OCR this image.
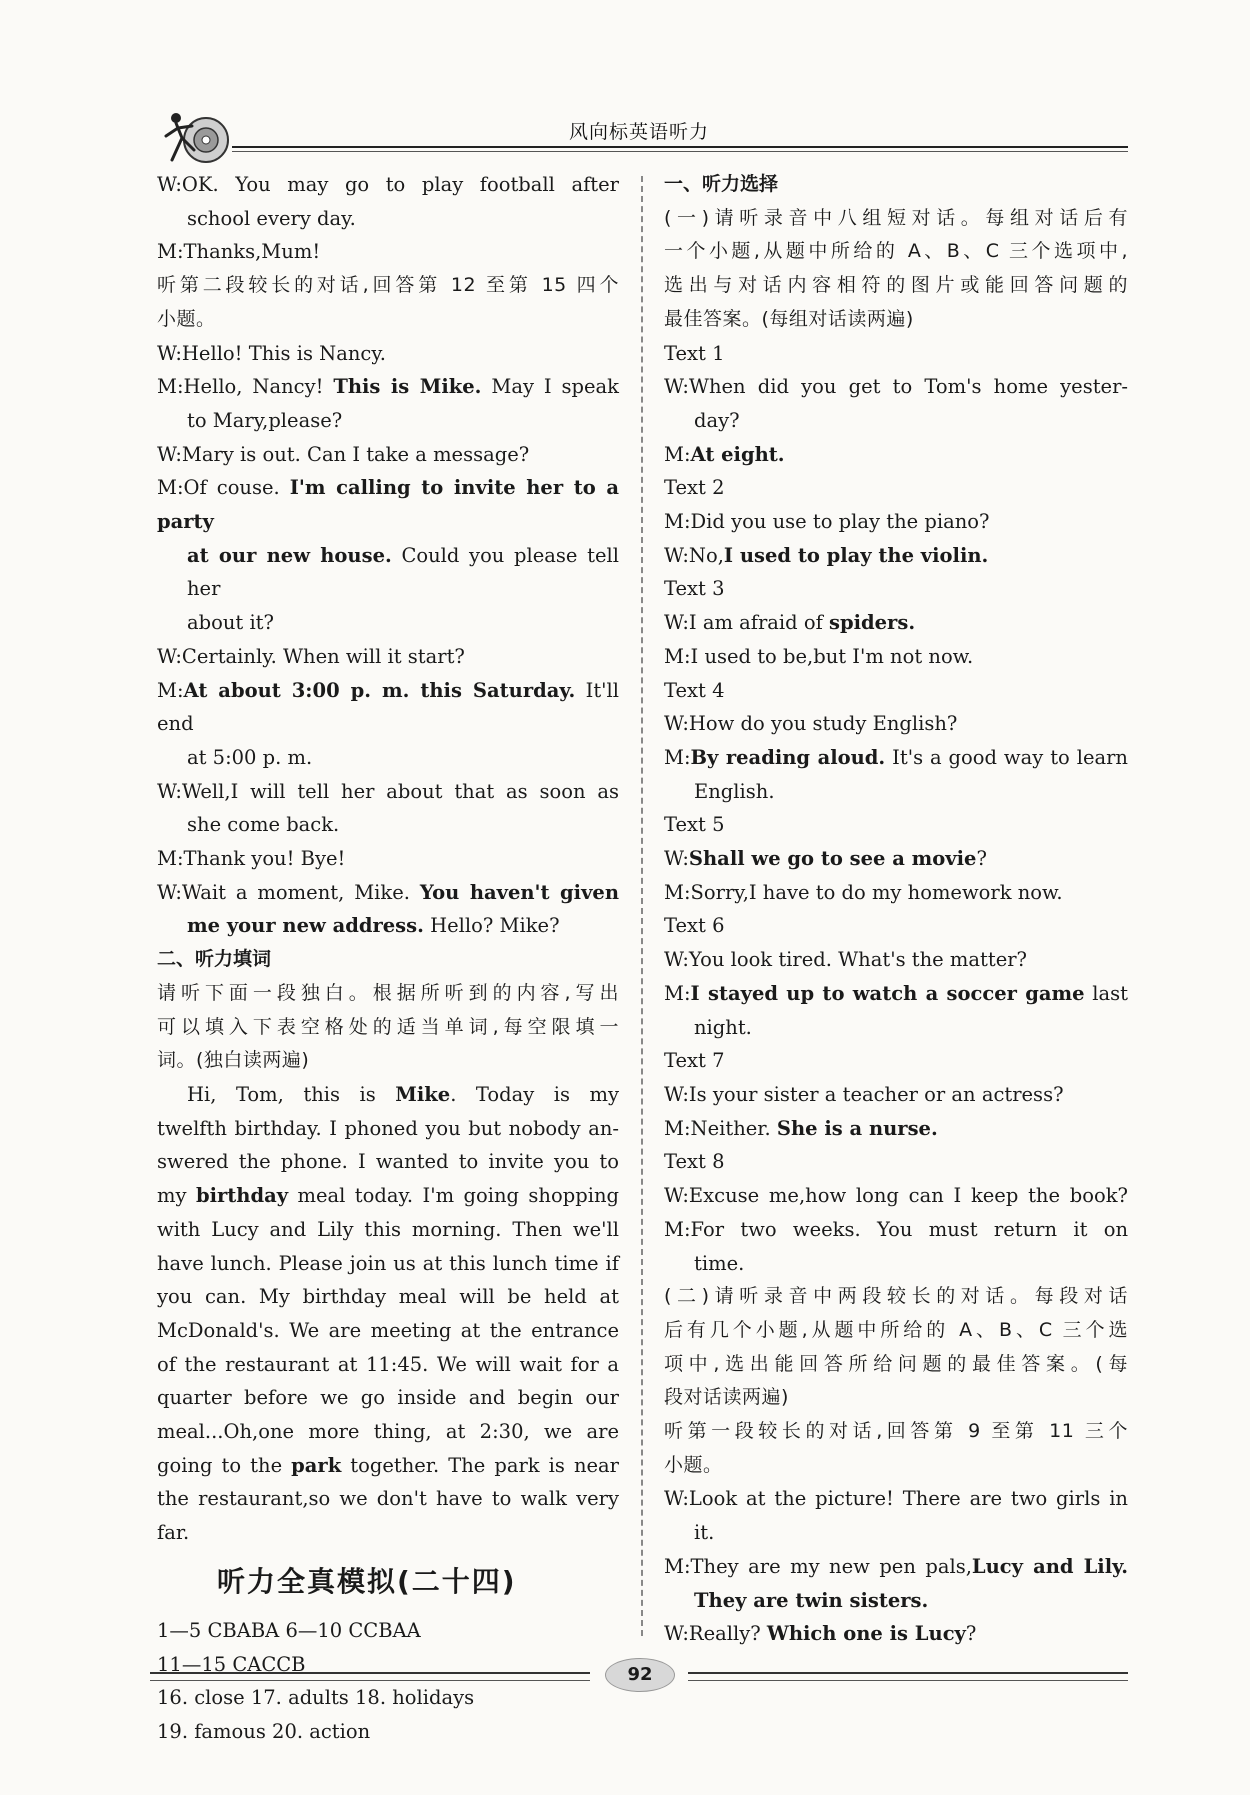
风向标英语听力
W:OK. You may go to play football after
school every day.
M:Thanks,Mum!
听第二段较长的对话,回答第 12 至第 15 四个
小题。
W:Hello! This is Nancy.
M:Hello, Nancy! This is Mike. May I speak
to Mary,please?
W:Mary is out. Can I take a message?
M:Of couse. I'm calling to invite her to a party
at our new house. Could you please tell her
about it?
W:Certainly. When will it start?
M:At about 3:00 p. m. this Saturday. It'll end
at 5:00 p. m.
W:Well,I will tell her about that as soon as
she come back.
M:Thank you! Bye!
W:Wait a moment, Mike. You haven't given
me your new address. Hello? Mike?
二、听力填词
请听下面一段独白。根据所听到的内容,写出
可以填入下表空格处的适当单词,每空限填一
词。(独白读两遍)
Hi, Tom, this is Mike. Today is my
twelfth birthday. I phoned you but nobody an-
swered the phone. I wanted to invite you to
my birthday meal today. I'm going shopping
with Lucy and Lily this morning. Then we'll
have lunch. Please join us at this lunch time if
you can. My birthday meal will be held at
McDonald's. We are meeting at the entrance
of the restaurant at 11:45. We will wait for a
quarter before we go inside and begin our
meal...Oh,one more thing, at 2:30, we are
going to the park together. The park is near
the restaurant,so we don't have to walk very
far.
听力全真模拟(二十四)
1—5 CBABA 6—10 CCBAA
11—15 CACCB
16. close 17. adults 18. holidays
19. famous 20. action
一、听力选择
(一)请听录音中八组短对话。每组对话后有
一个小题,从题中所给的 A、B、C 三个选项中,
选出与对话内容相符的图片或能回答问题的
最佳答案。(每组对话读两遍)
Text 1
W:When did you get to Tom's home yester-
day?
M:At eight.
Text 2
M:Did you use to play the piano?
W:No,I used to play the violin.
Text 3
W:I am afraid of spiders.
M:I used to be,but I'm not now.
Text 4
W:How do you study English?
M:By reading aloud. It's a good way to learn
English.
Text 5
W:Shall we go to see a movie?
M:Sorry,I have to do my homework now.
Text 6
W:You look tired. What's the matter?
M:I stayed up to watch a soccer game last
night.
Text 7
W:Is your sister a teacher or an actress?
M:Neither. She is a nurse.
Text 8
W:Excuse me,how long can I keep the book?
M:For two weeks. You must return it on
time.
(二)请听录音中两段较长的对话。每段对话
后有几个小题,从题中所给的 A、B、C 三个选
项中,选出能回答所给问题的最佳答案。(每
段对话读两遍)
听第一段较长的对话,回答第 9 至第 11 三个
小题。
W:Look at the picture! There are two girls in
it.
M:They are my new pen pals,Lucy and Lily.
They are twin sisters.
W:Really? Which one is Lucy?
92
